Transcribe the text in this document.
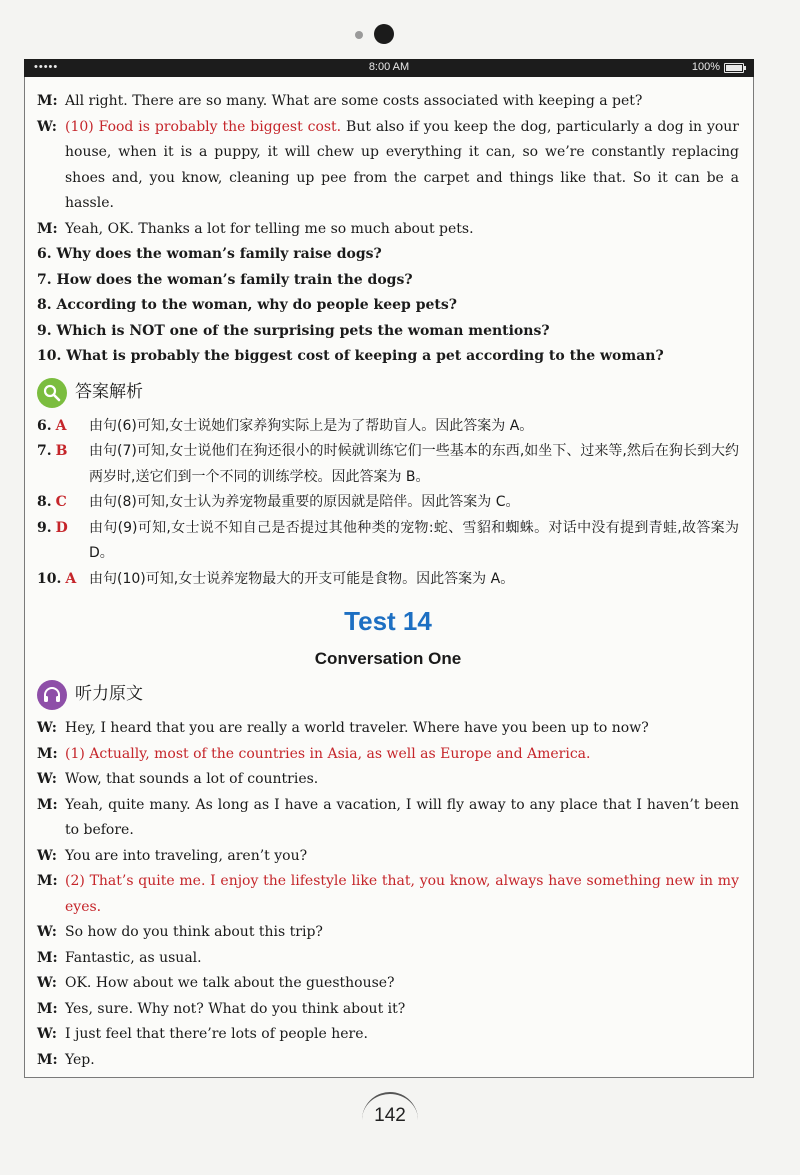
•••••	8:00 AM	100%
M: All right. There are so many. What are some costs associated with keeping a pet?
W: (10) Food is probably the biggest cost. But also if you keep the dog, particularly a dog in your house, when it is a puppy, it will chew up everything it can, so we’re constantly replacing shoes and, you know, cleaning up pee from the carpet and things like that. So it can be a hassle.
M: Yeah, OK. Thanks a lot for telling me so much about pets.
6. Why does the woman’s family raise dogs?
7. How does the woman’s family train the dogs?
8. According to the woman, why do people keep pets?
9. Which is NOT one of the surprising pets the woman mentions?
10. What is probably the biggest cost of keeping a pet according to the woman?
答案解析
6. A 由句(6)可知,女士说她们家养狗实际上是为了帮助盲人。因此答案为 A。
7. B 由句(7)可知,女士说他们在狗还很小的时候就训练它们一些基本的东西,如坐下、过来等,然后在狗长到大约两岁时,送它们到一个不同的训练学校。因此答案为 B。
8. C 由句(8)可知,女士认为养宠物最重要的原因就是陪伴。因此答案为 C。
9. D 由句(9)可知,女士说不知自己是否提过其他种类的宠物:蛇、雪貂和蜘蛛。对话中没有提到青蛙,故答案为 D。
10. A 由句(10)可知,女士说养宠物最大的开支可能是食物。因此答案为 A。
Test 14
Conversation One
听力原文
W: Hey, I heard that you are really a world traveler. Where have you been up to now?
M: (1) Actually, most of the countries in Asia, as well as Europe and America.
W: Wow, that sounds a lot of countries.
M: Yeah, quite many. As long as I have a vacation, I will fly away to any place that I haven’t been to before.
W: You are into traveling, aren’t you?
M: (2) That’s quite me. I enjoy the lifestyle like that, you know, always have something new in my eyes.
W: So how do you think about this trip?
M: Fantastic, as usual.
W: OK. How about we talk about the guesthouse?
M: Yes, sure. Why not? What do you think about it?
W: I just feel that there’re lots of people here.
M: Yep.
142
